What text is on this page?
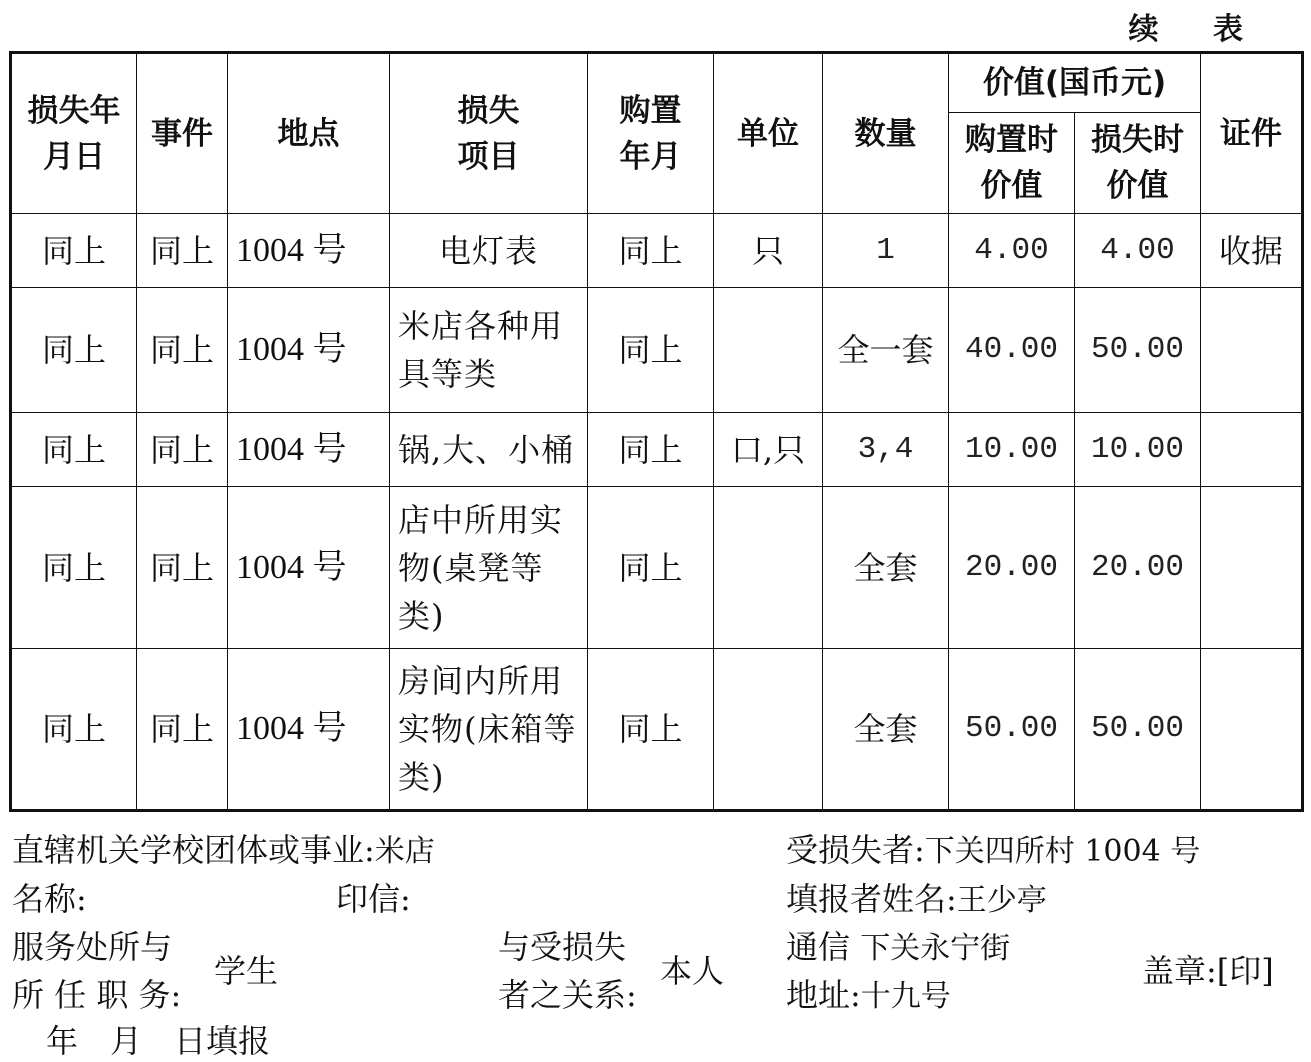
续 表
损失年月日	事件	地点	损失项目	购置年月	单位	数量	价值(国币元)		证件
							购置时价值	损失时价值	
同上	同上	1004 号	电灯表	同上	只	1	4.00	4.00	收据
同上	同上	1004 号	米店各种用具等类	同上		全一套	40.00	50.00	
同上	同上	1004 号	锅,大、小桶	同上	口,只	3,4	10.00	10.00	
同上	同上	1004 号	店中所用实物(桌凳等类)	同上		全套	20.00	20.00	
同上	同上	1004 号	房间内所用实物(床箱等类)	同上		全套	50.00	50.00	
直辖机关学校团体或事业:米店
名称:	印信:
服务处所与
所 任 职 务:
学生
与受损失
者之关系:
本人
年　月　日填报
受损失者:下关四所村 1004 号
填报者姓名:王少亭
通信 下关永宁街
地址:十九号
盖章:[印]
